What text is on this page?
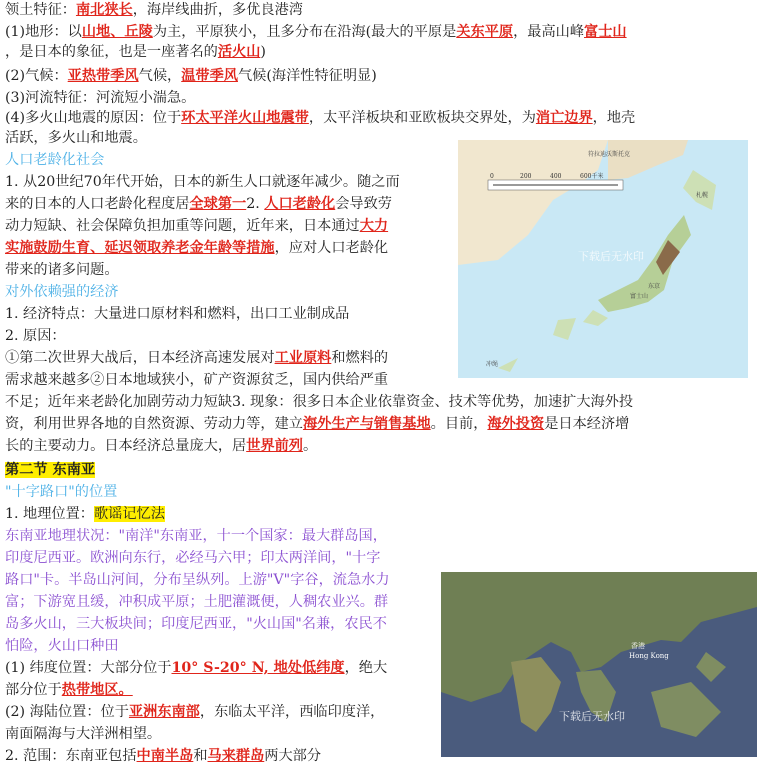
0	200	400	600千米
符拉迪沃斯托克
札幌
东京
富士山
冲绳
下载后无水印
香港
Hong Kong
下载后无水印
领土特征：南北狭长，海岸线曲折，多优良港湾
(1)地形：以山地、丘陵为主，平原狭小，且多分布在沿海(最大的平原是关东平原，最高山峰富士山
，是日本的象征，也是一座著名的活火山)
(2)气候：亚热带季风气候，温带季风气候(海洋性特征明显)
(3)河流特征：河流短小湍急。
(4)多火山地震的原因：位于环太平洋火山地震带，太平洋板块和亚欧板块交界处，为消亡边界，地壳
活跃，多火山和地震。
人口老龄化社会
1. 从20世纪70年代开始，日本的新生人口就逐年减少。随之而
来的日本的人口老龄化程度居全球第一2. 人口老龄化会导致劳
动力短缺、社会保障负担加重等问题，近年来，日本通过大力
实施鼓励生育、延迟领取养老金年龄等措施，应对人口老龄化
带来的诸多问题。
对外依赖强的经济
1. 经济特点：大量进口原材料和燃料，出口工业制成品
2. 原因：
①第二次世界大战后，日本经济高速发展对工业原料和燃料的
需求越来越多②日本地域狭小，矿产资源贫乏，国内供给严重
不足；近年来老龄化加剧劳动力短缺3. 现象：很多日本企业依靠资金、技术等优势，加速扩大海外投
资，利用世界各地的自然资源、劳动力等，建立海外生产与销售基地。目前，海外投资是日本经济增
长的主要动力。日本经济总量庞大，居世界前列。
第二节 东南亚
"十字路口"的位置
1. 地理位置：歌谣记忆法
东南亚地理状况："南洋"东南亚，十一个国家：最大群岛国，
印度尼西亚。欧洲向东行，必经马六甲；印太两洋间，"十字
路口"卡。半岛山河间，分布呈纵列。上游"V"字谷，流急水力
富；下游宽且缓，冲积成平原；土肥灌溉便，人稠农业兴。群
岛多火山，三大板块间；印度尼西亚，"火山国"名兼，农民不
怕险，火山口种田
(1) 纬度位置：大部分位于10° S-20° N, 地处低纬度，绝大
部分位于热带地区。
(2) 海陆位置：位于亚洲东南部，东临太平洋，西临印度洋，
南面隔海与大洋洲相望。
2. 范围：东南亚包括中南半岛和马来群岛两大部分
